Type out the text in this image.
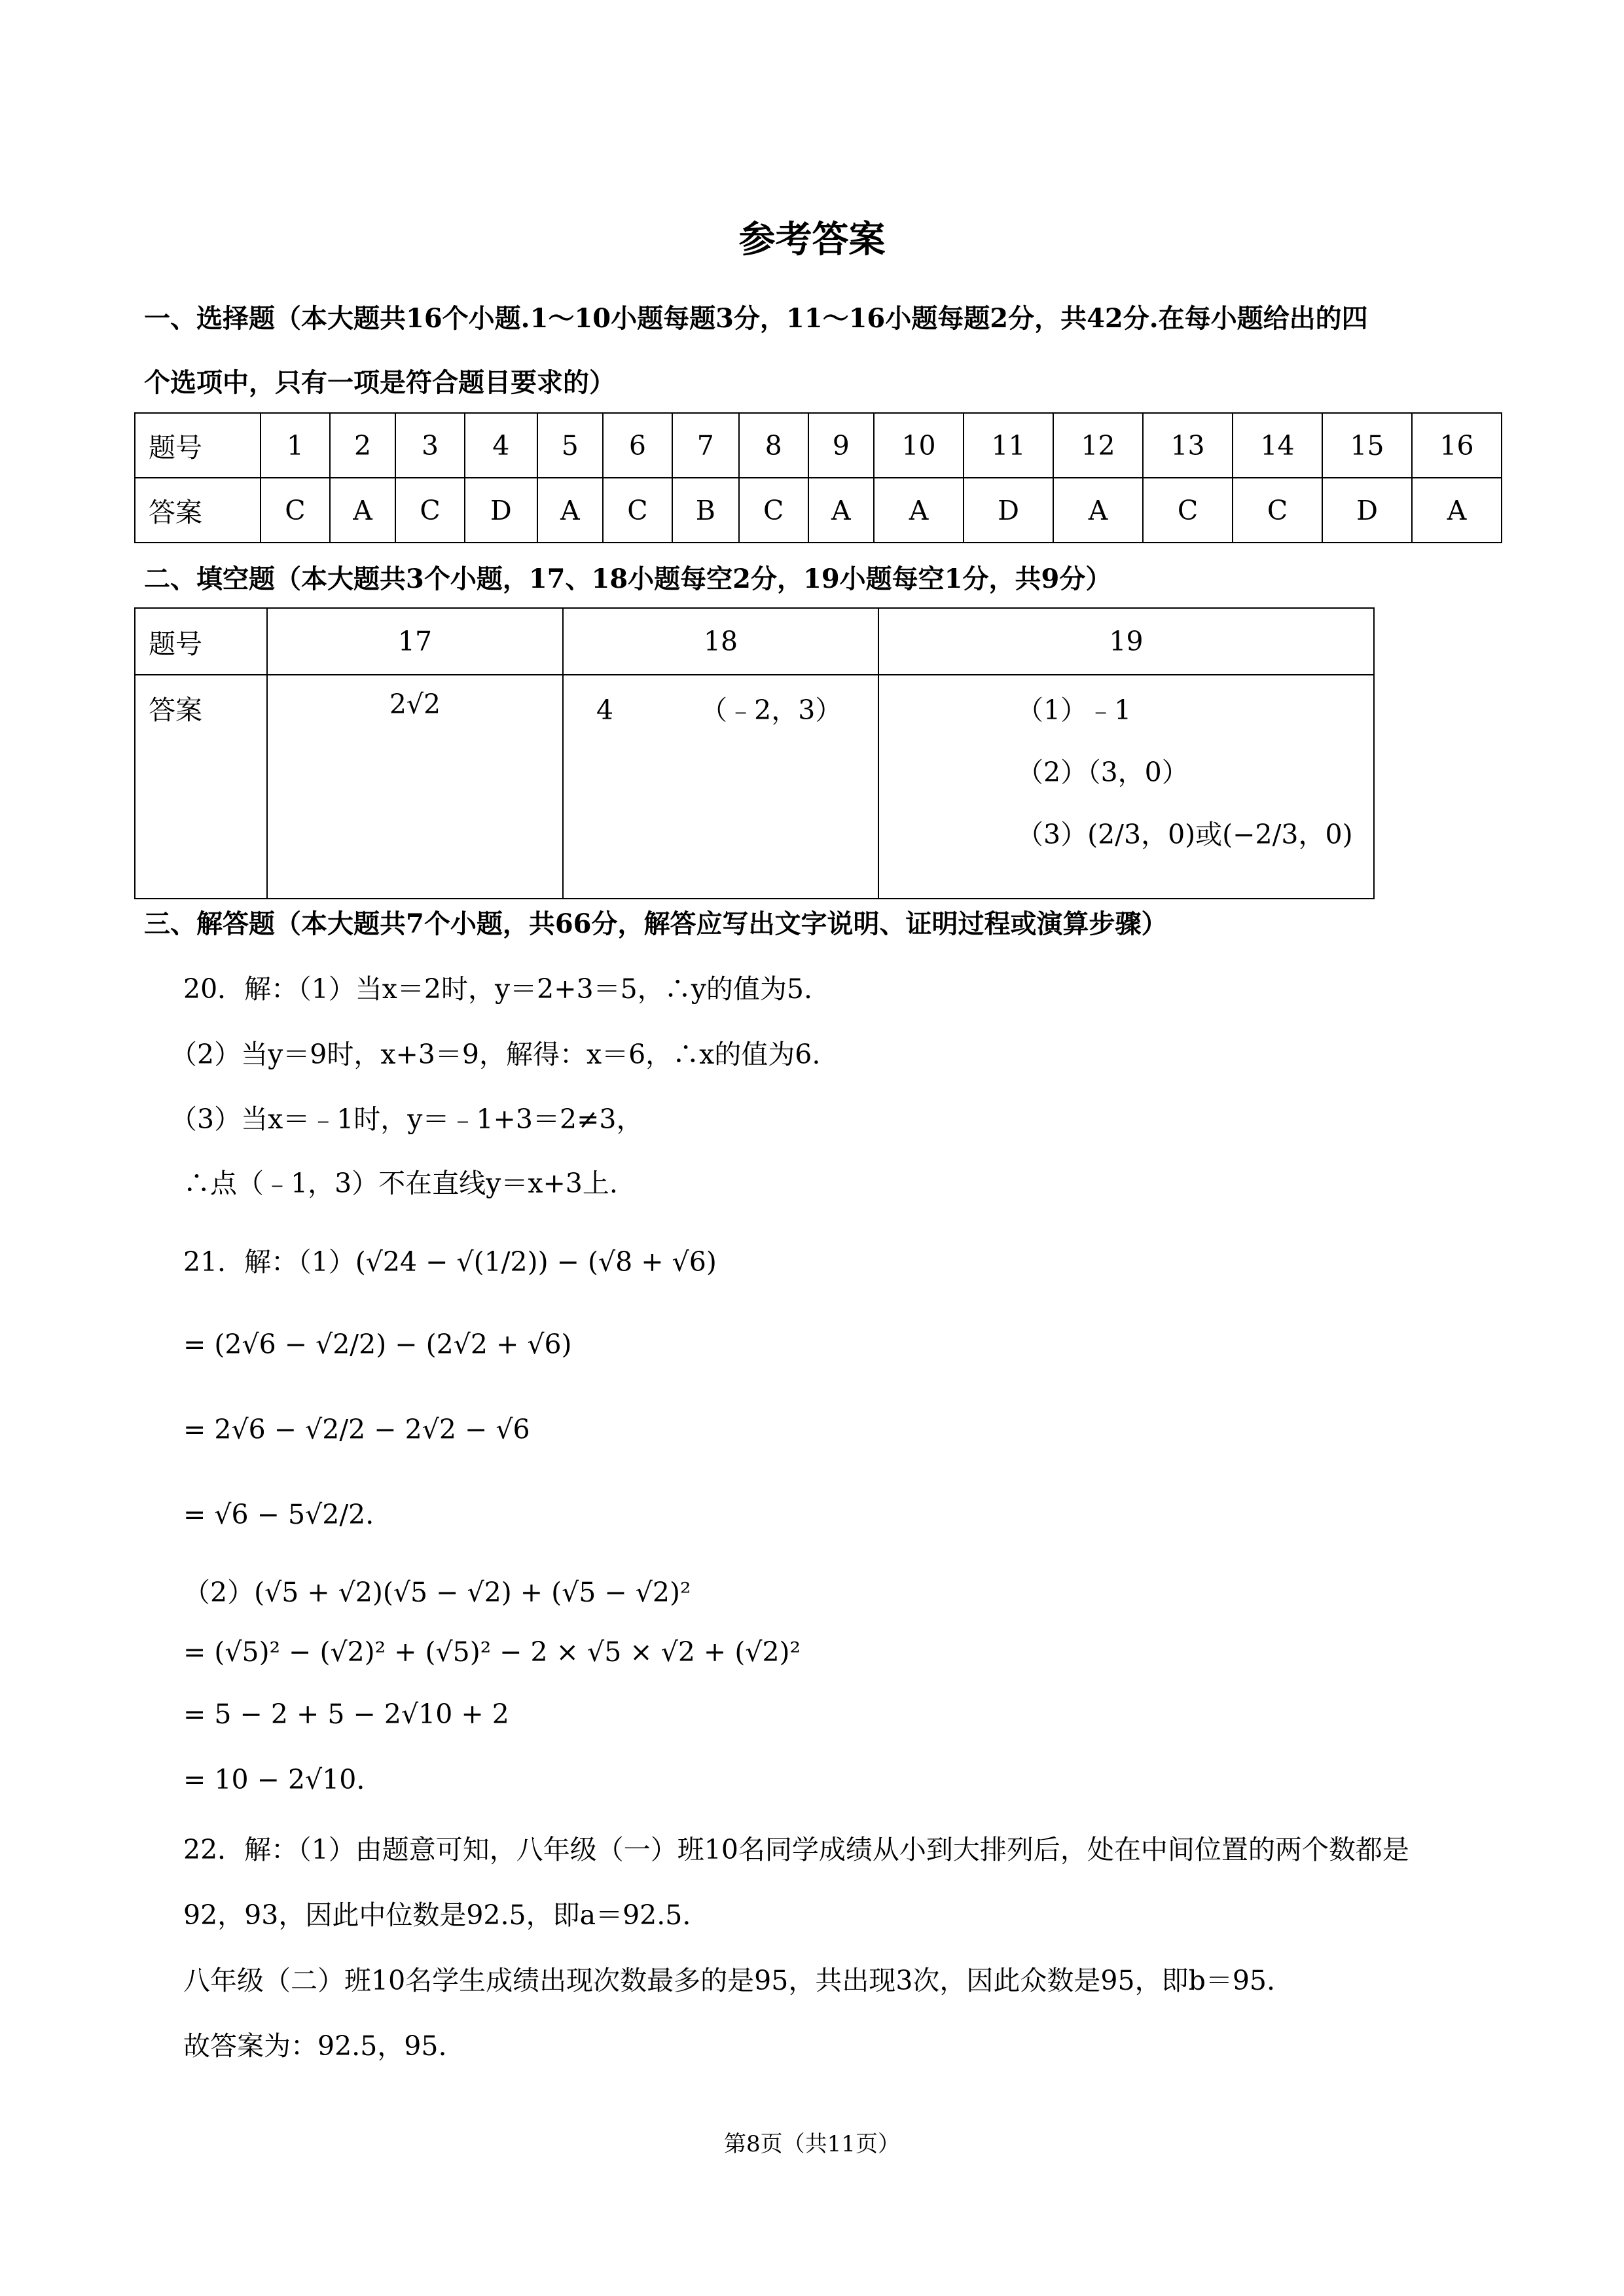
参考答案
一、选择题（本大题共16个小题.1～10小题每题3分，11～16小题每题2分，共42分.在每小题给出的四
个选项中，只有一项是符合题目要求的）
题号	1	2	3	4	5	6	7	8	9	10	11	12	13	14	15	16
答案	C	A	C	D	A	C	B	C	A	A	D	A	C	C	D	A
二、填空题（本大题共3个小题，17、18小题每空2分，19小题每空1分，共9分）
题号	17	18	19
答案	2√2	4 （﹣2，3）	（1）﹣1
（2）（3，0）
（3）(2/3，0)或(−2/3，0)
三、解答题（本大题共7个小题，共66分，解答应写出文字说明、证明过程或演算步骤）
20．解：（1）当x＝2时，y＝2+3＝5，∴y的值为5.
（2）当y＝9时，x+3＝9，解得：x＝6，∴x的值为6.
（3）当x＝﹣1时，y＝﹣1+3＝2≠3，
∴点（﹣1，3）不在直线y＝x+3上.
21．解：（1）(√24 − √(1/2)) − (√8 + √6)
= (2√6 − √2/2) − (2√2 + √6)
= 2√6 − √2/2 − 2√2 − √6
= √6 − 5√2/2.
（2）(√5 + √2)(√5 − √2) + (√5 − √2)²
= (√5)² − (√2)² + (√5)² − 2 × √5 × √2 + (√2)²
= 5 − 2 + 5 − 2√10 + 2
= 10 − 2√10.
22．解：（1）由题意可知，八年级（一）班10名同学成绩从小到大排列后，处在中间位置的两个数都是
92，93，因此中位数是92.5，即a＝92.5.
八年级（二）班10名学生成绩出现次数最多的是95，共出现3次，因此众数是95，即b＝95.
故答案为：92.5，95.
第8页（共11页）
